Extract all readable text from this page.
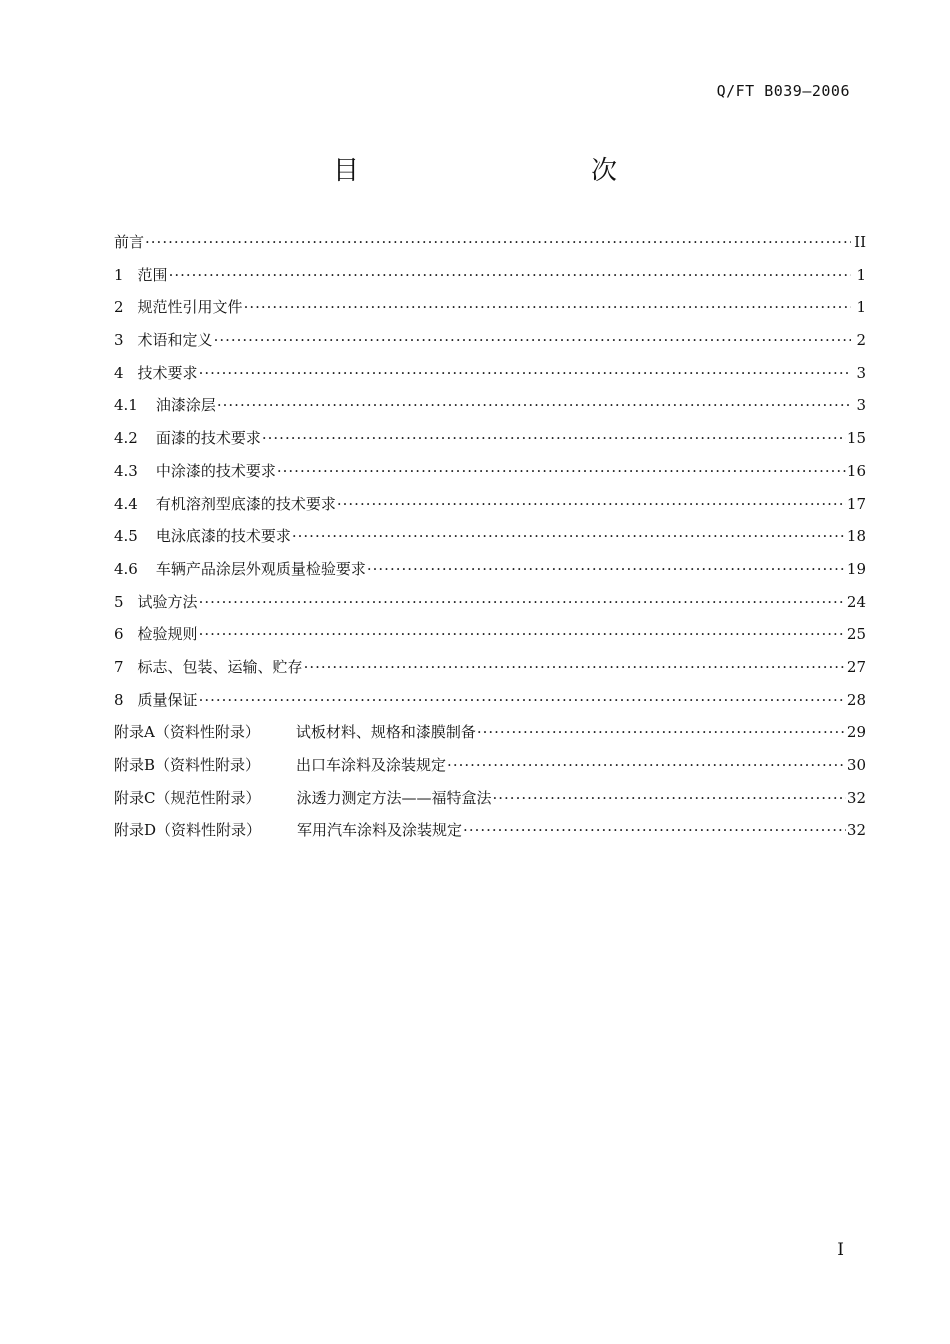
Q/FT B039—2006
目　　次
前言 ·····	II
1 范围 ·····	1
2 规范性引用文件 ·····	1
3 术语和定义 ·····	2
4 技术要求 ·····	3
4.1 油漆涂层 ·····	3
4.2 面漆的技术要求 ·····	15
4.3 中涂漆的技术要求 ·····	16
4.4 有机溶剂型底漆的技术要求 ·····	17
4.5 电泳底漆的技术要求 ·····	18
4.6 车辆产品涂层外观质量检验要求 ·····	19
5 试验方法 ·····	24
6 检验规则 ·····	25
7 标志、包装、运输、贮存 ·····	27
8 质量保证 ·····	28
附录A（资料性附录） 试板材料、规格和漆膜制备 ·····	29
附录B（资料性附录） 出口车涂料及涂装规定 ·····	30
附录C（规范性附录） 泳透力测定方法——福特盒法 ·····	32
附录D（资料性附录） 军用汽车涂料及涂装规定 ·····	32
I
